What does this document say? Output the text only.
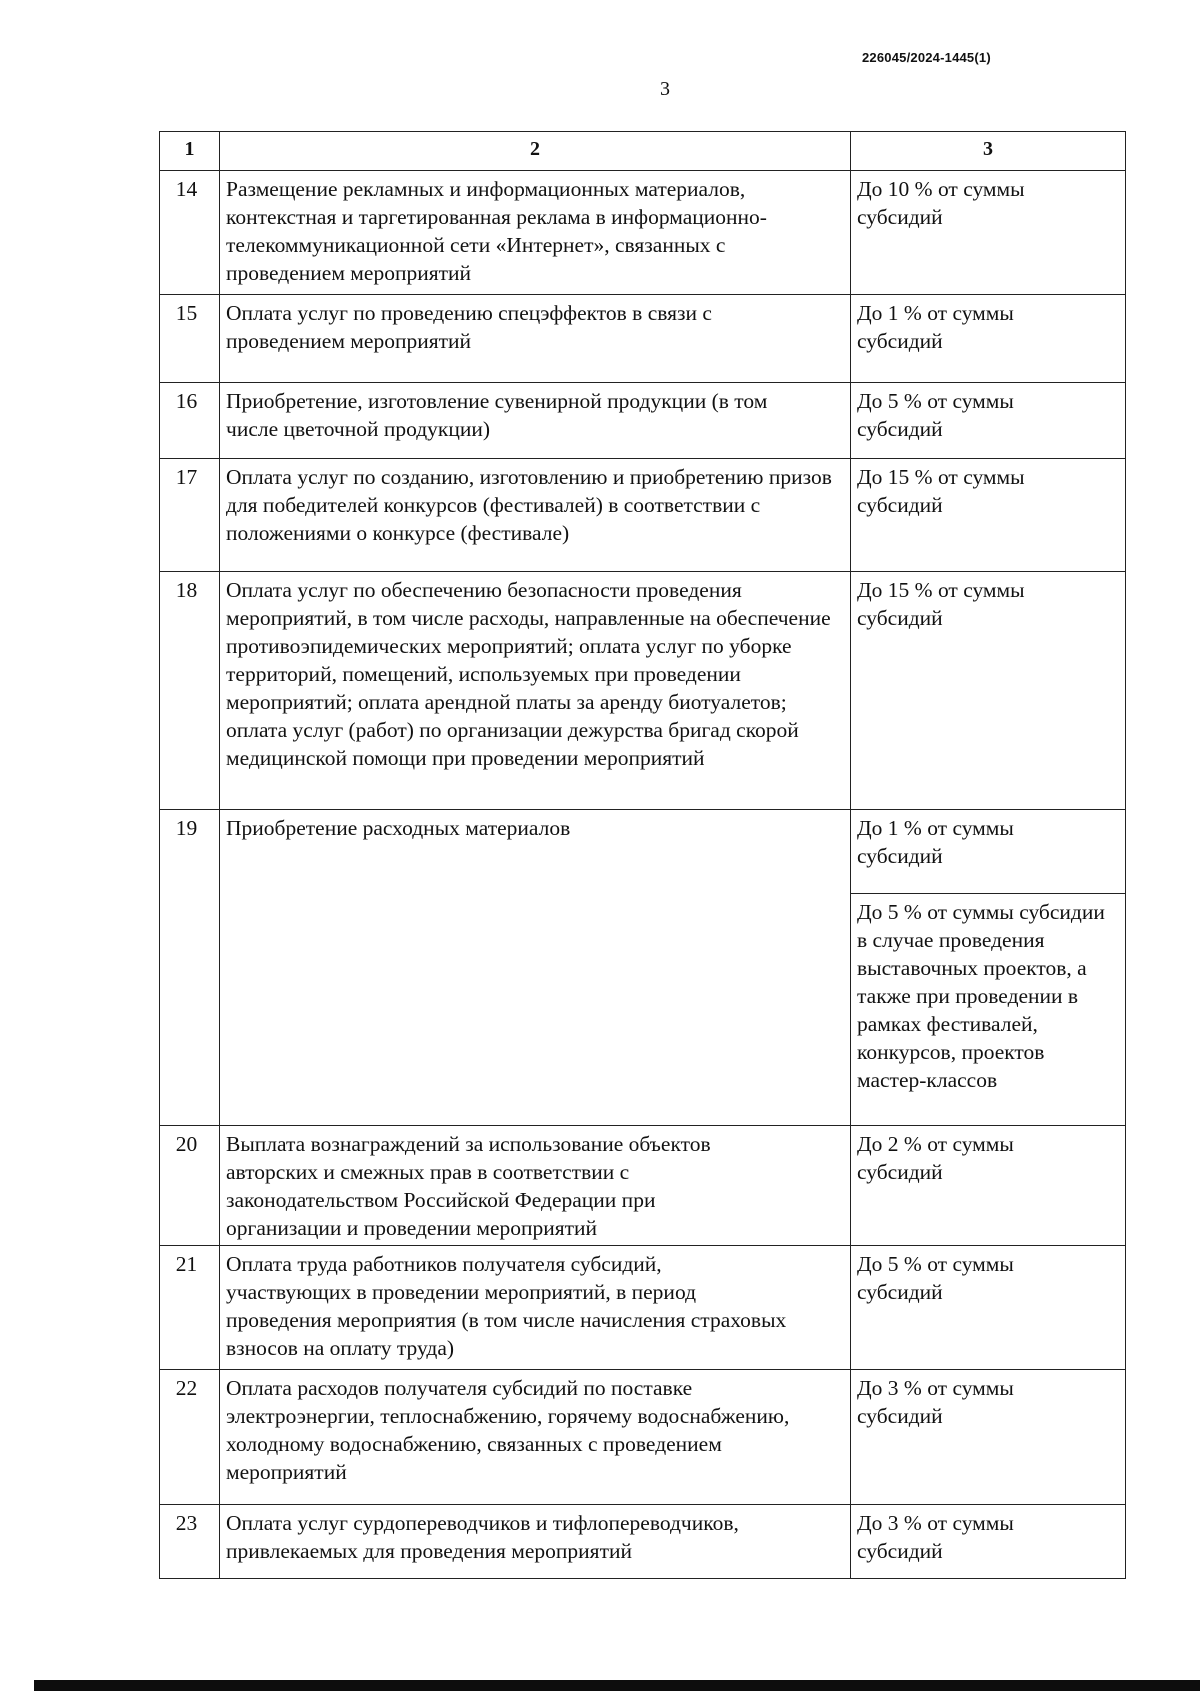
226045/2024-1445(1)
3
1	2	3
14	Размещение рекламных и информационных материалов, контекстная и таргетированная реклама в информационно-телекоммуникационной сети «Интернет», связанных с проведением мероприятий	До 10 % от суммы субсидий
15	Оплата услуг по проведению спецэффектов в связи с проведением мероприятий	До 1 % от суммы субсидий
16	Приобретение, изготовление сувенирной продукции (в том числе цветочной продукции)	До 5 % от суммы субсидий
17	Оплата услуг по созданию, изготовлению и приобретению призов для победителей конкурсов (фестивалей) в соответствии с положениями о конкурсе (фестивале)	До 15 % от суммы субсидий
18	Оплата услуг по обеспечению безопасности проведения мероприятий, в том числе расходы, направленные на обеспечение противоэпидемических мероприятий; оплата услуг по уборке территорий, помещений, используемых при проведении мероприятий; оплата арендной платы за аренду биотуалетов; оплата услуг (работ) по организации дежурства бригад скорой медицинской помощи при проведении мероприятий	До 15 % от суммы субсидий
19	Приобретение расходных материалов	До 1 % от суммы субсидий
		До 5 % от суммы субсидии в случае проведения выставочных проектов, а также при проведении в рамках фестивалей, конкурсов, проектов мастер-классов
20	Выплата вознаграждений за использование объектов авторских и смежных прав в соответствии с законодательством Российской Федерации при организации и проведении мероприятий	До 2 % от суммы субсидий
21	Оплата труда работников получателя субсидий, участвующих в проведении мероприятий, в период проведения мероприятия (в том числе начисления страховых взносов на оплату труда)	До 5 % от суммы субсидий
22	Оплата расходов получателя субсидий по поставке электроэнергии, теплоснабжению, горячему водоснабжению, холодному водоснабжению, связанных с проведением мероприятий	До 3 % от суммы субсидий
23	Оплата услуг сурдопереводчиков и тифлопереводчиков, привлекаемых для проведения мероприятий	До 3 % от суммы субсидий
